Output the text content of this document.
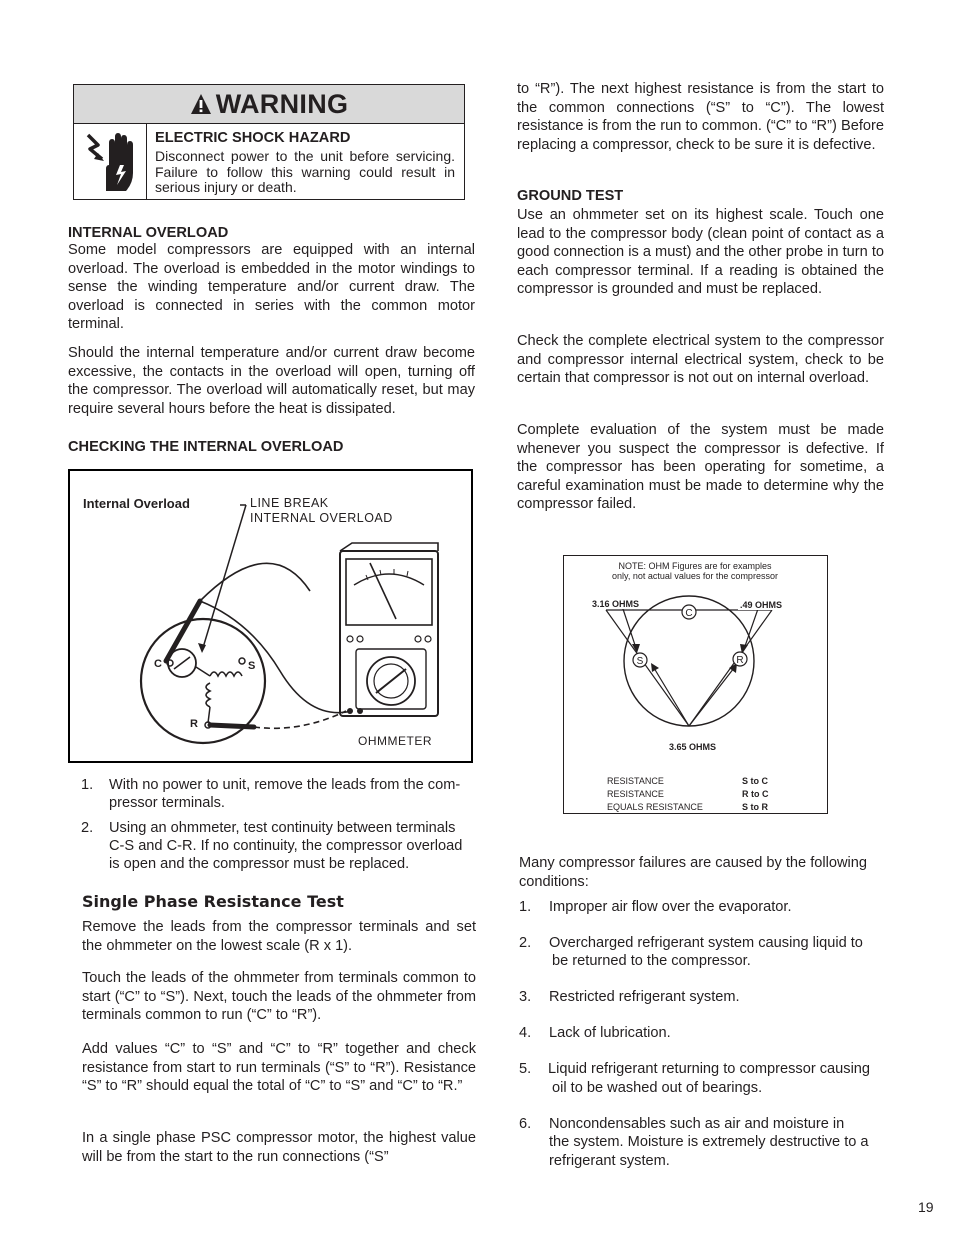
WARNING

ELECTRIC SHOCK HAZARD

Disconnect power to the unit before servicing. Failure to follow this warning could result in serious injury or death.

INTERNAL OVERLOAD

Some model compressors are equipped with an internal overload. The overload is embedded in the motor windings to sense the winding temperature and/or current draw. The overload is connected in series with the common motor terminal.

Should the internal temperature and/or current draw become excessive, the contacts in the overload will open, turning off the compressor. The overload will automatically reset, but may require several hours before the heat is dissipated.

CHECKING THE INTERNAL OVERLOAD

Internal Overload	LINE BREAK
INTERNAL OVERLOAD
C	S
R
OHMMETER
1. With no power to unit, remove the leads from the com-
pressor terminals.
2. Using an ohmmeter, test continuity between terminals
C-S and C-R. If no continuity, the compressor overload
is open and the compressor must be replaced.

Single Phase Resistance Test

Remove the leads from the compressor terminals and set the ohmmeter on the lowest scale (R x 1).

Touch the leads of the ohmmeter from terminals common to start (“C” to “S”). Next, touch the leads of the ohmmeter from terminals common to run (“C” to “R”).

Add values “C” to “S” and “C” to “R” together and check resistance from start to run terminals (“S” to “R”). Resistance “S” to “R” should equal the total of “C” to “S” and “C” to “R.”

In a single phase PSC compressor motor, the highest value will be from the start to the run connections (“S”

to “R”). The next highest resistance is from the start to the common connections (“S” to “C”). The lowest resistance is from the run to common. (“C” to “R”) Before replacing a compressor, check to be sure it is defective.

GROUND TEST

Use an ohmmeter set on its highest scale. Touch one lead to the compressor body (clean point of contact as a good connection is a must) and the other probe in turn to each compressor terminal. If a reading is obtained the compressor is grounded and must be replaced.

Check the complete electrical system to the compressor and compressor internal electrical system, check to be certain that compressor is not out on internal overload.

Complete evaluation of the system must be made whenever you suspect the compressor is defective. If the compressor has been operating for sometime, a careful examination must be made to determine why the compressor failed.

NOTE: OHM Figures are for examples
only, not actual values for the compressor
C
S	R
3.16 OHMS	.49 OHMS
3.65 OHMS
RESISTANCE	S to C
RESISTANCE	R to C
EQUALS RESISTANCE	S to R

Many compressor failures are caused by the following conditions:

1. Improper air flow over the evaporator.
2. Overcharged refrigerant system causing liquid to
be returned to the compressor.
3. Restricted refrigerant system.
4. Lack of lubrication.
5. Liquid refrigerant returning to compressor causing
oil to be washed out of bearings.
6. Noncondensables such as air and moisture in
the system. Moisture is extremely destructive to a
refrigerant system.
19
